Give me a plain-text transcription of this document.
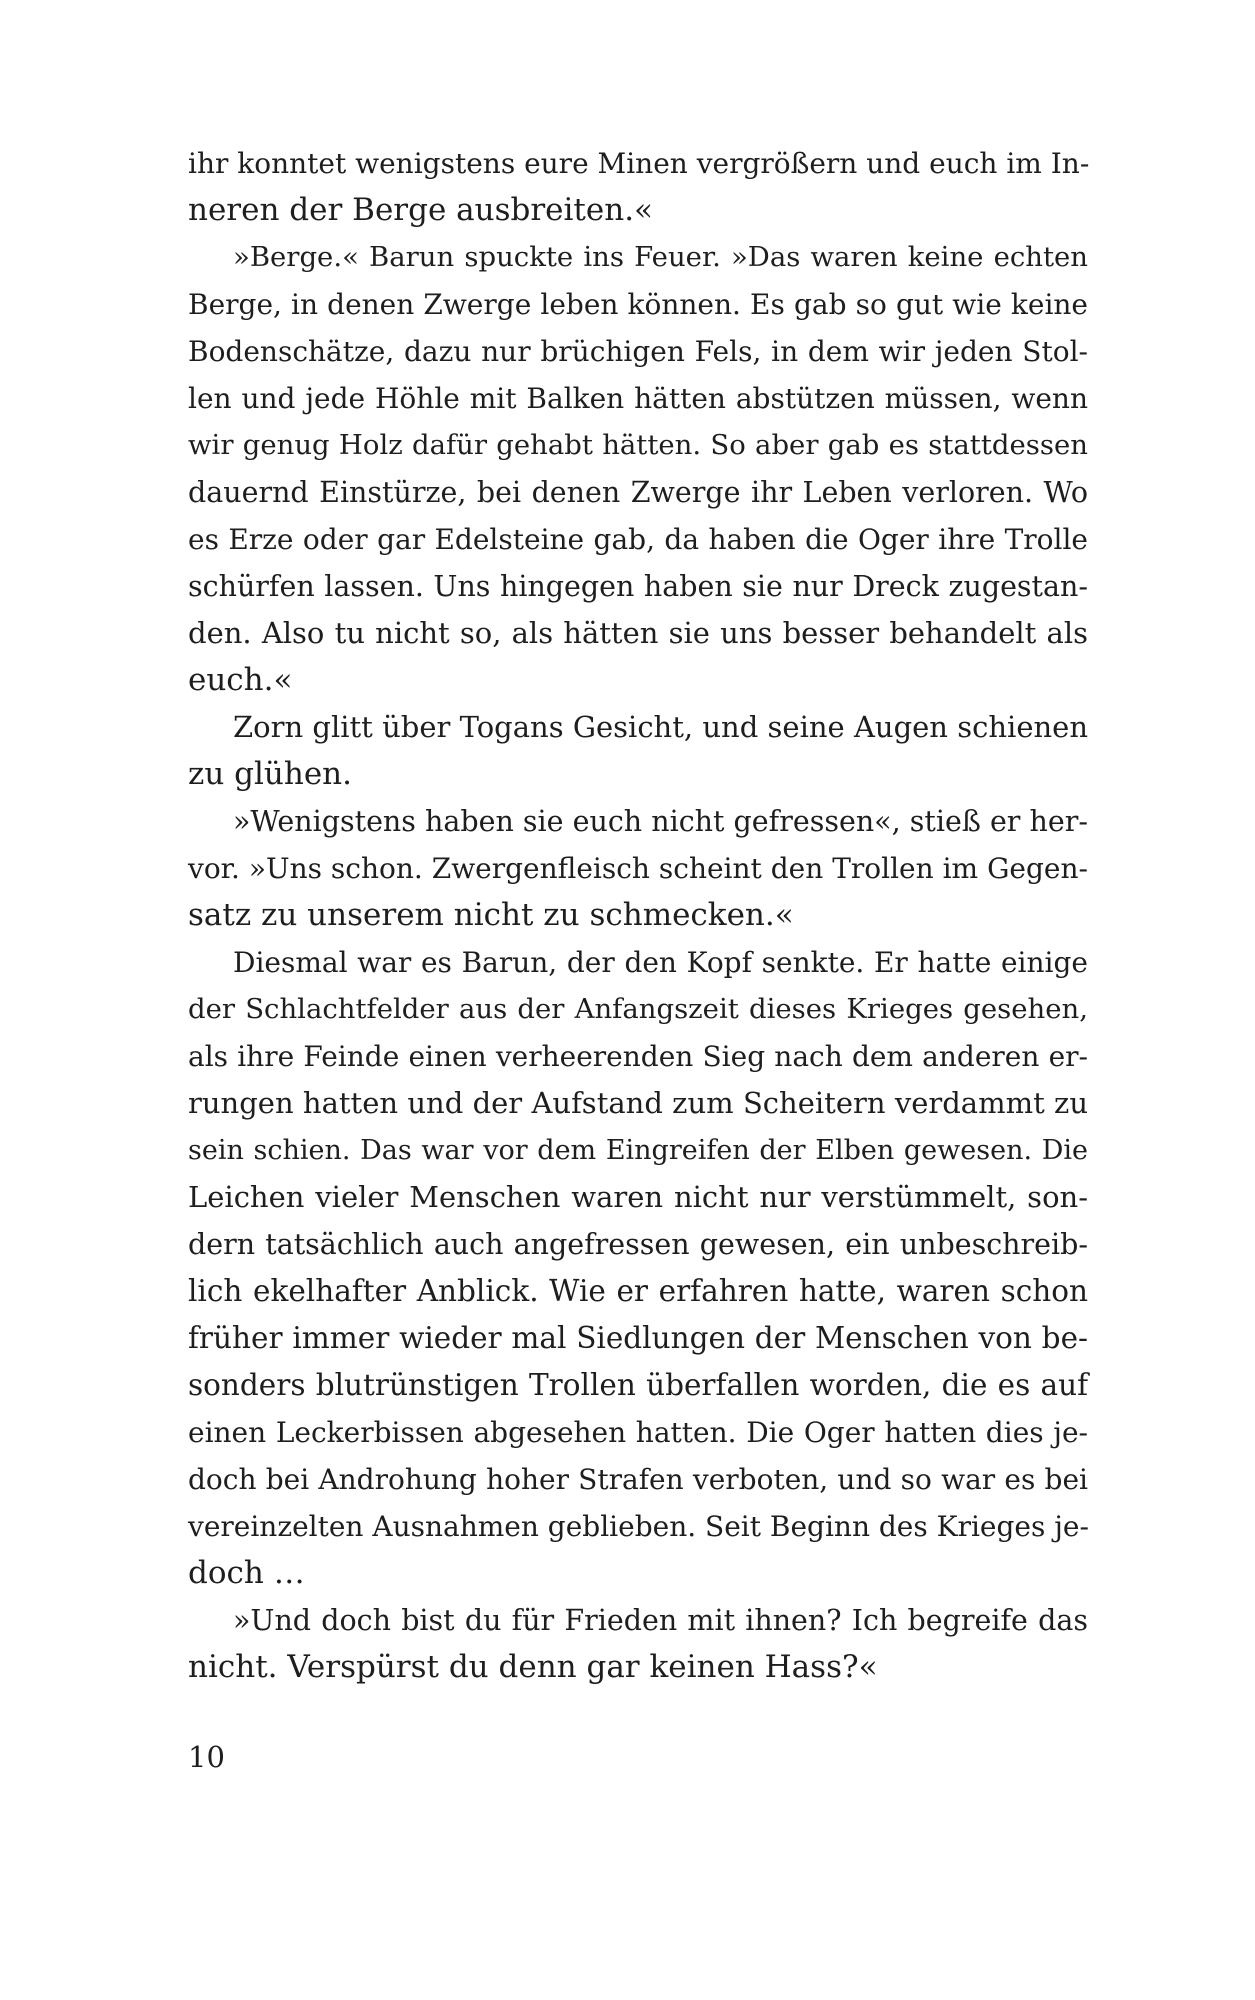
ihr konntet wenigstens eure Minen vergrößern und euch im In-
neren der Berge ausbreiten.«
»Berge.« Barun spuckte ins Feuer. »Das waren keine echten
Berge, in denen Zwerge leben können. Es gab so gut wie keine
Bodenschätze, dazu nur brüchigen Fels, in dem wir jeden Stol-
len und jede Höhle mit Balken hätten abstützen müssen, wenn
wir genug Holz dafür gehabt hätten. So aber gab es stattdessen
dauernd Einstürze, bei denen Zwerge ihr Leben verloren. Wo
es Erze oder gar Edelsteine gab, da haben die Oger ihre Trolle
schürfen lassen. Uns hingegen haben sie nur Dreck zugestan-
den. Also tu nicht so, als hätten sie uns besser behandelt als
euch.«
Zorn glitt über Togans Gesicht, und seine Augen schienen
zu glühen.
»Wenigstens haben sie euch nicht gefressen«, stieß er her-
vor. »Uns schon. Zwergenfleisch scheint den Trollen im Gegen-
satz zu unserem nicht zu schmecken.«
Diesmal war es Barun, der den Kopf senkte. Er hatte einige
der Schlachtfelder aus der Anfangszeit dieses Krieges gesehen,
als ihre Feinde einen verheerenden Sieg nach dem anderen er-
rungen hatten und der Aufstand zum Scheitern verdammt zu
sein schien. Das war vor dem Eingreifen der Elben gewesen. Die
Leichen vieler Menschen waren nicht nur verstümmelt, son-
dern tatsächlich auch angefressen gewesen, ein unbeschreib-
lich ekelhafter Anblick. Wie er erfahren hatte, waren schon
früher immer wieder mal Siedlungen der Menschen von be-
sonders blutrünstigen Trollen überfallen worden, die es auf
einen Leckerbissen abgesehen hatten. Die Oger hatten dies je-
doch bei Androhung hoher Strafen verboten, und so war es bei
vereinzelten Ausnahmen geblieben. Seit Beginn des Krieges je-
doch …
»Und doch bist du für Frieden mit ihnen? Ich begreife das
nicht. Verspürst du denn gar keinen Hass?«
10
